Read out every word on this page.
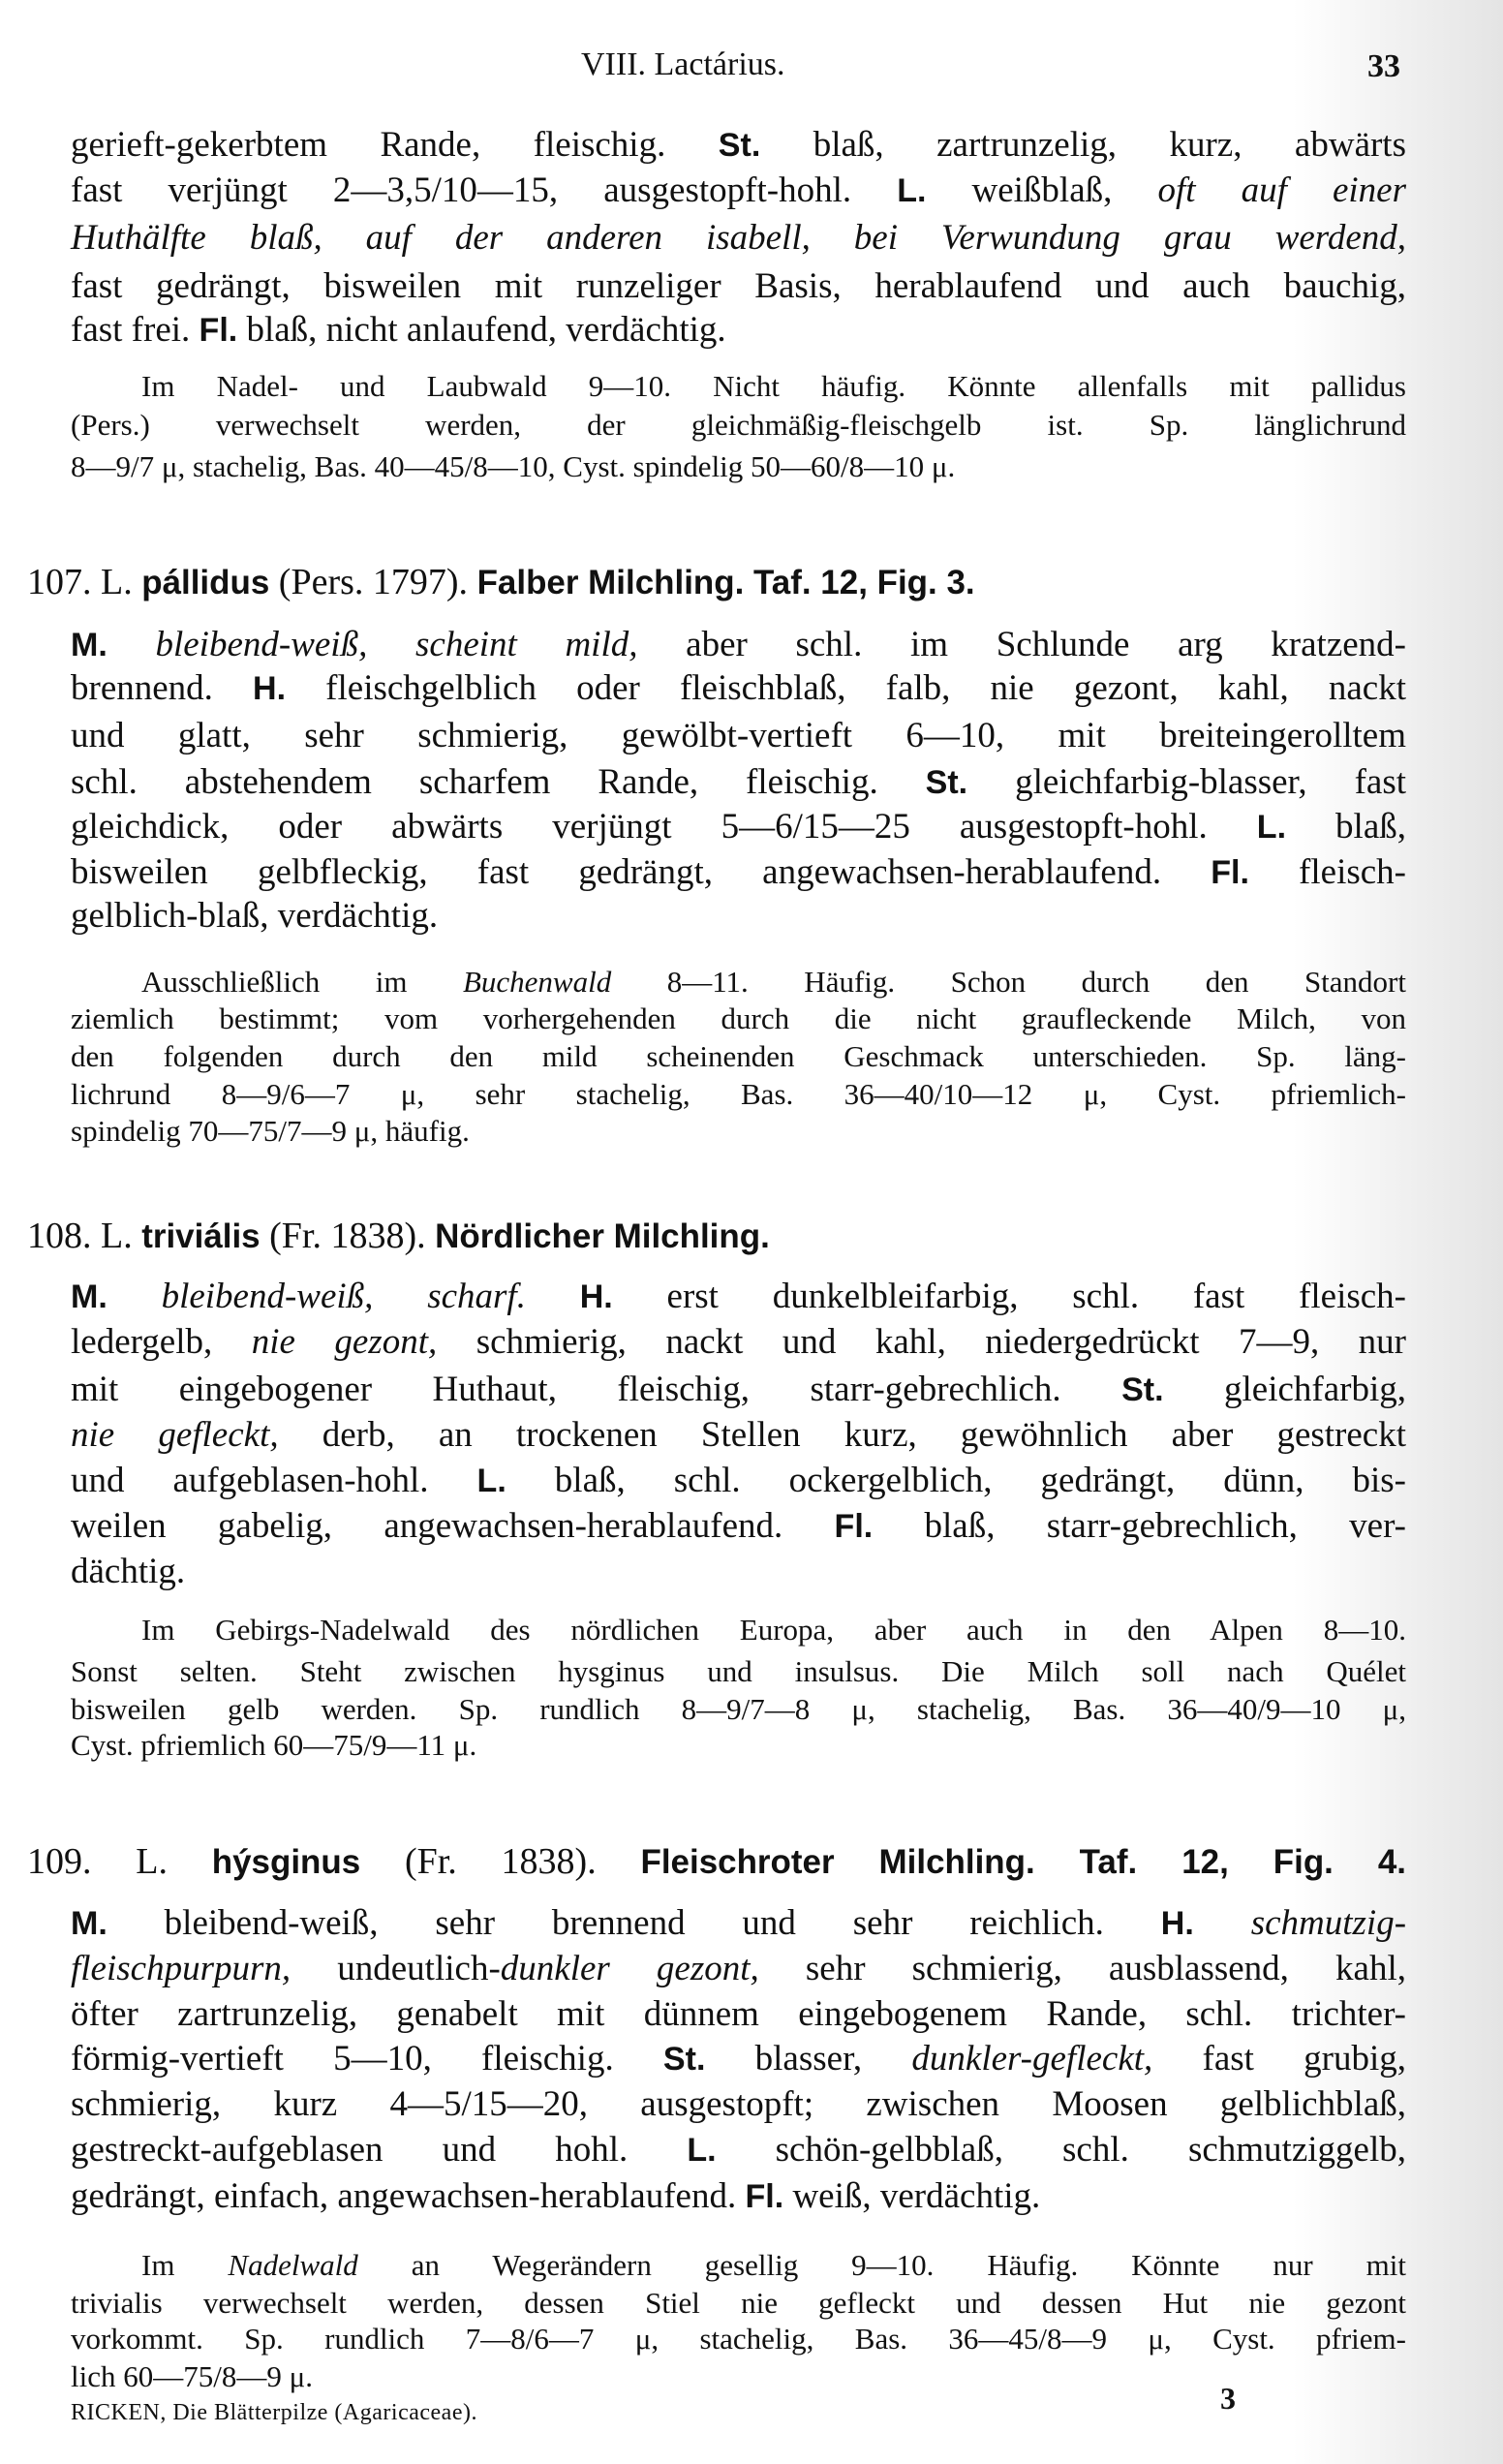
VIII. Lactárius.	33
gerieft-gekerbtem Rande, fleischig. St. blaß, zartrunzelig, kurz, abwärts
fast verjüngt 2—3,5/10—15, ausgestopft-hohl. L. weißblaß, oft auf einer
Huthälfte blaß, auf der anderen isabell, bei Verwundung grau werdend,
fast gedrängt, bisweilen mit runzeliger Basis, herablaufend und auch bauchig,
fast frei. Fl. blaß, nicht anlaufend, verdächtig.
Im Nadel- und Laubwald 9—10. Nicht häufig. Könnte allenfalls mit pallidus
(Pers.) verwechselt werden, der gleichmäßig-fleischgelb ist. Sp. länglichrund
8—9/7 μ, stachelig, Bas. 40—45/8—10, Cyst. spindelig 50—60/8—10 μ.
107. L. pállidus (Pers. 1797). Falber Milchling. Taf. 12, Fig. 3.
M. bleibend-weiß, scheint mild, aber schl. im Schlunde arg kratzend-
brennend. H. fleischgelblich oder fleischblaß, falb, nie gezont, kahl, nackt
und glatt, sehr schmierig, gewölbt-vertieft 6—10, mit breiteingerolltem
schl. abstehendem scharfem Rande, fleischig. St. gleichfarbig-blasser, fast
gleichdick, oder abwärts verjüngt 5—6/15—25 ausgestopft-hohl. L. blaß,
bisweilen gelbfleckig, fast gedrängt, angewachsen-herablaufend. Fl. fleisch-
gelblich-blaß, verdächtig.
Ausschließlich im Buchenwald 8—11. Häufig. Schon durch den Standort
ziemlich bestimmt; vom vorhergehenden durch die nicht graufleckende Milch, von
den folgenden durch den mild scheinenden Geschmack unterschieden. Sp. läng-
lichrund 8—9/6—7 μ, sehr stachelig, Bas. 36—40/10—12 μ, Cyst. pfriemlich-
spindelig 70—75/7—9 μ, häufig.
108. L. triviális (Fr. 1838). Nördlicher Milchling.
M. bleibend-weiß, scharf. H. erst dunkelbleifarbig, schl. fast fleisch-
ledergelb, nie gezont, schmierig, nackt und kahl, niedergedrückt 7—9, nur
mit eingebogener Huthaut, fleischig, starr-gebrechlich. St. gleichfarbig,
nie gefleckt, derb, an trockenen Stellen kurz, gewöhnlich aber gestreckt
und aufgeblasen-hohl. L. blaß, schl. ockergelblich, gedrängt, dünn, bis-
weilen gabelig, angewachsen-herablaufend. Fl. blaß, starr-gebrechlich, ver-
dächtig.
Im Gebirgs-Nadelwald des nördlichen Europa, aber auch in den Alpen 8—10.
Sonst selten. Steht zwischen hysginus und insulsus. Die Milch soll nach Quélet
bisweilen gelb werden. Sp. rundlich 8—9/7—8 μ, stachelig, Bas. 36—40/9—10 μ,
Cyst. pfriemlich 60—75/9—11 μ.
109. L. hýsginus (Fr. 1838). Fleischroter Milchling. Taf. 12, Fig. 4.
M. bleibend-weiß, sehr brennend und sehr reichlich. H. schmutzig-
fleischpurpurn, undeutlich-dunkler gezont, sehr schmierig, ausblassend, kahl,
öfter zartrunzelig, genabelt mit dünnem eingebogenem Rande, schl. trichter-
förmig-vertieft 5—10, fleischig. St. blasser, dunkler-gefleckt, fast grubig,
schmierig, kurz 4—5/15—20, ausgestopft; zwischen Moosen gelblichblaß,
gestreckt-aufgeblasen und hohl. L. schön-gelbblaß, schl. schmutziggelb,
gedrängt, einfach, angewachsen-herablaufend. Fl. weiß, verdächtig.
Im Nadelwald an Wegerändern gesellig 9—10. Häufig. Könnte nur mit
trivialis verwechselt werden, dessen Stiel nie gefleckt und dessen Hut nie gezont
vorkommt. Sp. rundlich 7—8/6—7 μ, stachelig, Bas. 36—45/8—9 μ, Cyst. pfriem-
lich 60—75/8—9 μ.
RICKEN, Die Blätterpilze (Agaricaceae).	3
